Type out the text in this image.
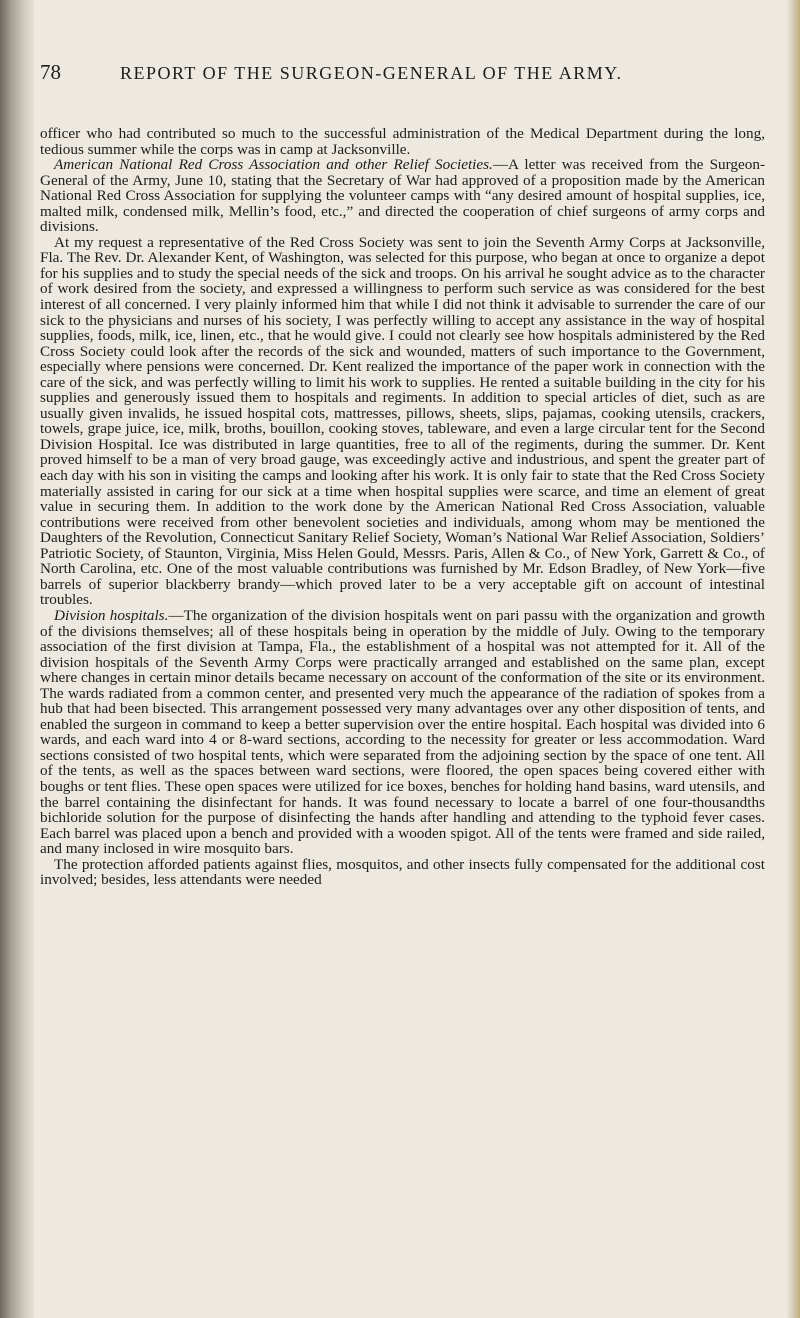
78	REPORT OF THE SURGEON-GENERAL OF THE ARMY.

officer who had contributed so much to the successful administration of the Medical Department during the long, tedious summer while the corps was in camp at Jacksonville.

American National Red Cross Association and other Relief Societies.—A letter was received from the Surgeon-General of the Army, June 10, stating that the Secretary of War had approved of a proposition made by the American National Red Cross Association for supplying the volunteer camps with “any desired amount of hospital supplies, ice, malted milk, condensed milk, Mellin’s food, etc.,” and directed the cooperation of chief surgeons of army corps and divisions.

At my request a representative of the Red Cross Society was sent to join the Seventh Army Corps at Jacksonville, Fla. The Rev. Dr. Alexander Kent, of Washington, was selected for this purpose, who began at once to organize a depot for his supplies and to study the special needs of the sick and troops. On his arrival he sought advice as to the character of work desired from the society, and expressed a willingness to perform such service as was considered for the best interest of all concerned. I very plainly informed him that while I did not think it advisable to surrender the care of our sick to the physicians and nurses of his society, I was perfectly willing to accept any assistance in the way of hospital supplies, foods, milk, ice, linen, etc., that he would give. I could not clearly see how hospitals administered by the Red Cross Society could look after the records of the sick and wounded, matters of such importance to the Government, especially where pensions were concerned. Dr. Kent realized the importance of the paper work in connection with the care of the sick, and was perfectly willing to limit his work to supplies. He rented a suitable building in the city for his supplies and generously issued them to hospitals and regiments. In addition to special articles of diet, such as are usually given invalids, he issued hospital cots, mattresses, pillows, sheets, slips, pajamas, cooking utensils, crackers, towels, grape juice, ice, milk, broths, bouillon, cooking stoves, tableware, and even a large circular tent for the Second Division Hospital. Ice was distributed in large quantities, free to all of the regiments, during the summer. Dr. Kent proved himself to be a man of very broad gauge, was exceedingly active and industrious, and spent the greater part of each day with his son in visiting the camps and looking after his work. It is only fair to state that the Red Cross Society materially assisted in caring for our sick at a time when hospital supplies were scarce, and time an element of great value in securing them. In addition to the work done by the American National Red Cross Association, valuable contributions were received from other benevolent societies and individuals, among whom may be mentioned the Daughters of the Revolution, Connecticut Sanitary Relief Society, Woman’s National War Relief Association, Soldiers’ Patriotic Society, of Staunton, Virginia, Miss Helen Gould, Messrs. Paris, Allen & Co., of New York, Garrett & Co., of North Carolina, etc. One of the most valuable contributions was furnished by Mr. Edson Bradley, of New York—five barrels of superior blackberry brandy—which proved later to be a very acceptable gift on account of intestinal troubles.

Division hospitals.—The organization of the division hospitals went on pari passu with the organization and growth of the divisions themselves; all of these hospitals being in operation by the middle of July. Owing to the temporary association of the first division at Tampa, Fla., the establishment of a hospital was not attempted for it. All of the division hospitals of the Seventh Army Corps were practically arranged and established on the same plan, except where changes in certain minor details became necessary on account of the conformation of the site or its environment. The wards radiated from a common center, and presented very much the appearance of the radiation of spokes from a hub that had been bisected. This arrangement possessed very many advantages over any other disposition of tents, and enabled the surgeon in command to keep a better supervision over the entire hospital. Each hospital was divided into 6 wards, and each ward into 4 or 8-ward sections, according to the necessity for greater or less accommodation. Ward sections consisted of two hospital tents, which were separated from the adjoining section by the space of one tent. All of the tents, as well as the spaces between ward sections, were floored, the open spaces being covered either with boughs or tent flies. These open spaces were utilized for ice boxes, benches for holding hand basins, ward utensils, and the barrel containing the disinfectant for hands. It was found necessary to locate a barrel of one four-thousandths bichloride solution for the purpose of disinfecting the hands after handling and attending to the typhoid fever cases. Each barrel was placed upon a bench and provided with a wooden spigot. All of the tents were framed and side railed, and many inclosed in wire mosquito bars.

The protection afforded patients against flies, mosquitos, and other insects fully compensated for the additional cost involved; besides, less attendants were needed
